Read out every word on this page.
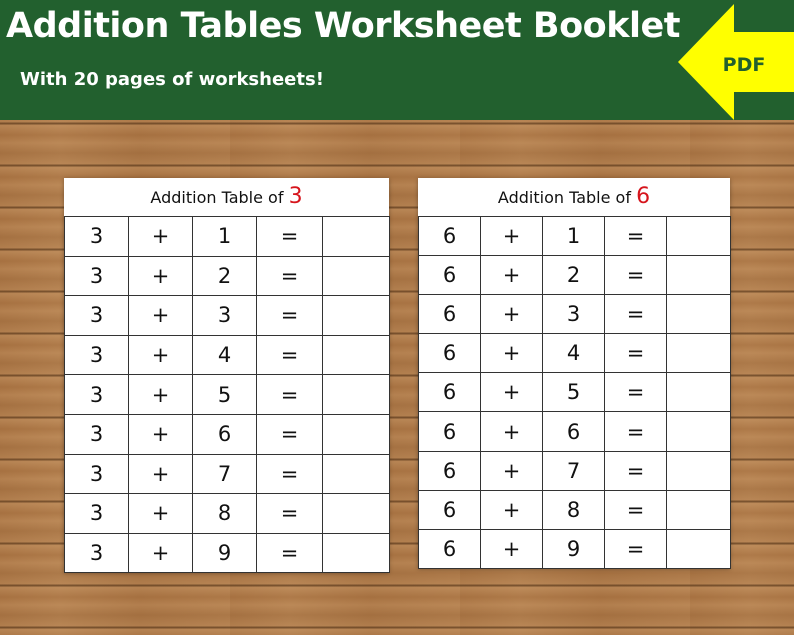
Addition Tables Worksheet Booklet
With 20 pages of worksheets!
PDF
Addition Table of 3
3	+	1	=	
3	+	2	=	
3	+	3	=	
3	+	4	=	
3	+	5	=	
3	+	6	=	
3	+	7	=	
3	+	8	=	
3	+	9	=	
Addition Table of 6
6	+	1	=	
6	+	2	=	
6	+	3	=	
6	+	4	=	
6	+	5	=	
6	+	6	=	
6	+	7	=	
6	+	8	=	
6	+	9	=	
